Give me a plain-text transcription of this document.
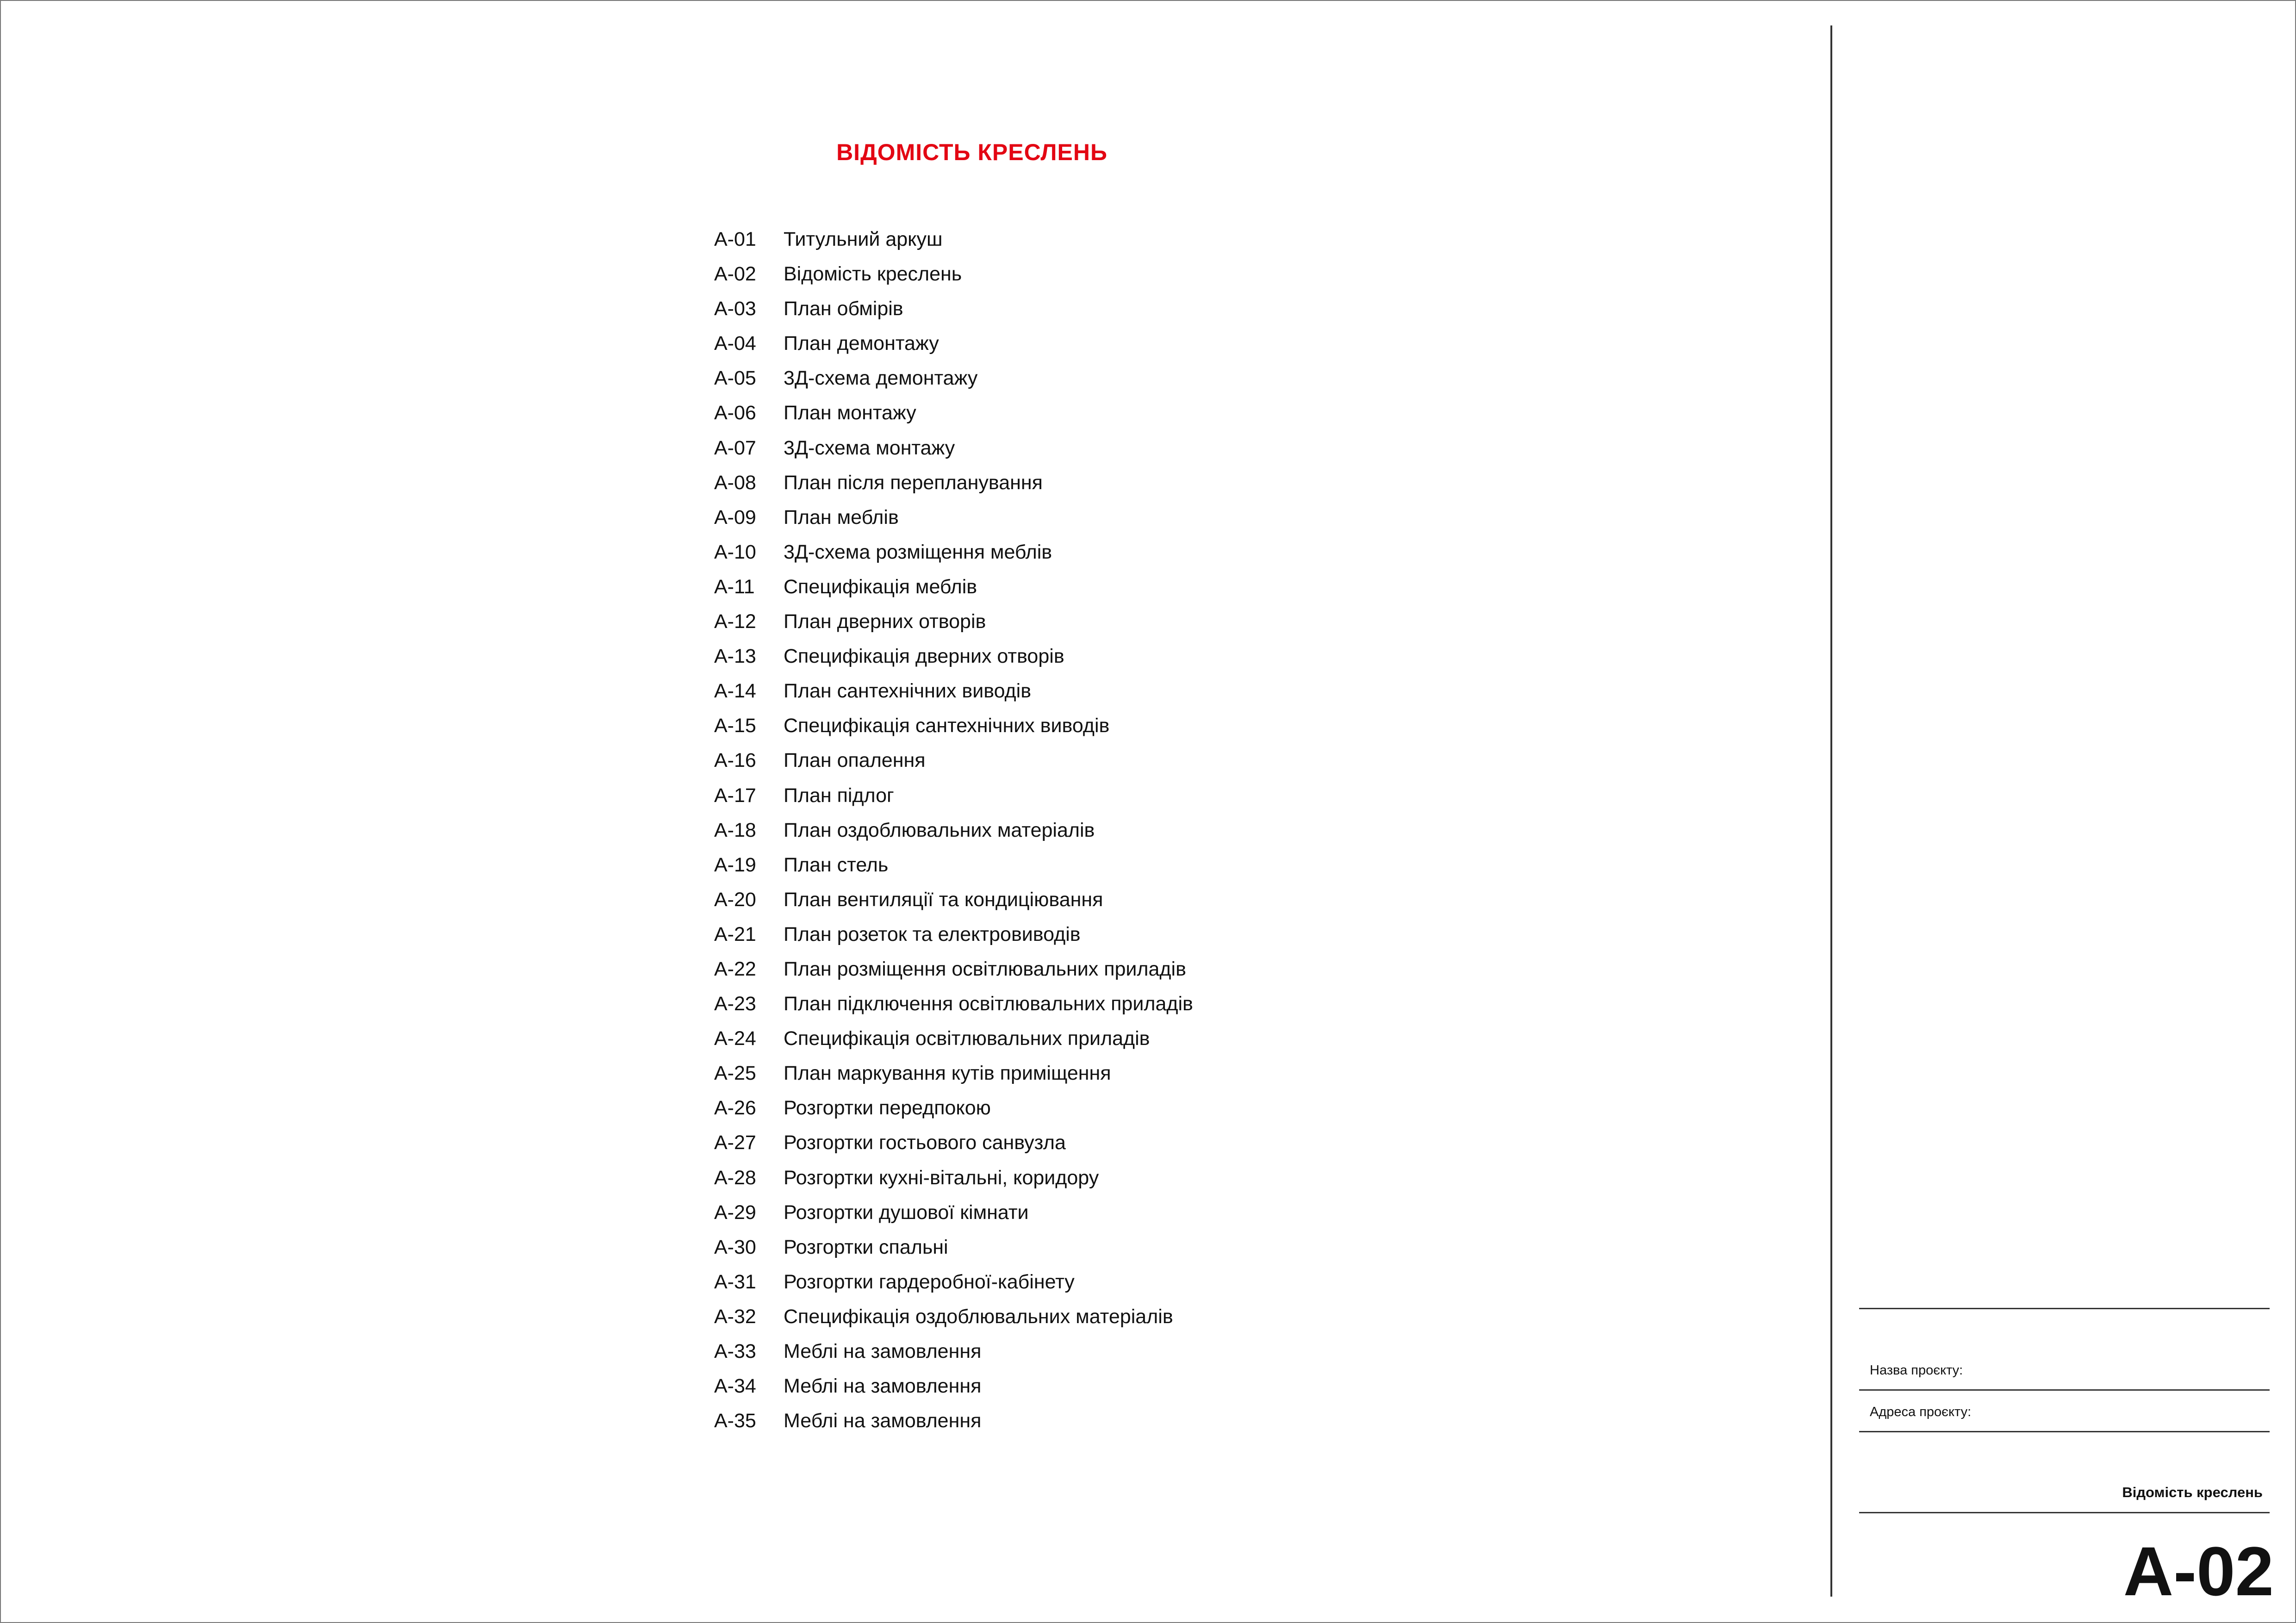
ВІДОМІСТЬ КРЕСЛЕНЬ
А-01 Титульний аркуш
А-02 Відомість креслень
А-03 План обмірів
А-04 План демонтажу
А-05 3Д-схема демонтажу
А-06 План монтажу
А-07 3Д-схема монтажу
А-08 План після перепланування
А-09 План меблів
А-10 3Д-схема розміщення меблів
А-11 Специфікація меблів
А-12 План дверних отворів
А-13 Специфікація дверних отворів
А-14 План сантехнічних виводів
А-15 Специфікація сантехнічних виводів
А-16 План опалення
А-17 План підлог
А-18 План оздоблювальних матеріалів
А-19 План стель
А-20 План вентиляції та кондиціювання
А-21 План розеток та електровиводів
А-22 План розміщення освітлювальних приладів
А-23 План підключення освітлювальних приладів
А-24 Специфікація освітлювальних приладів
А-25 План маркування кутів приміщення
А-26 Розгортки передпокою
А-27 Розгортки гостьового санвузла
А-28 Розгортки кухні-вітальні, коридору
А-29 Розгортки душової кімнати
А-30 Розгортки спальні
А-31 Розгортки гардеробної-кабінету
А-32 Специфікація оздоблювальних матеріалів
А-33 Меблі на замовлення
А-34 Меблі на замовлення
А-35 Меблі на замовлення
Назва проєкту:
Адреса проєкту:
Відомість креслень
А-02
